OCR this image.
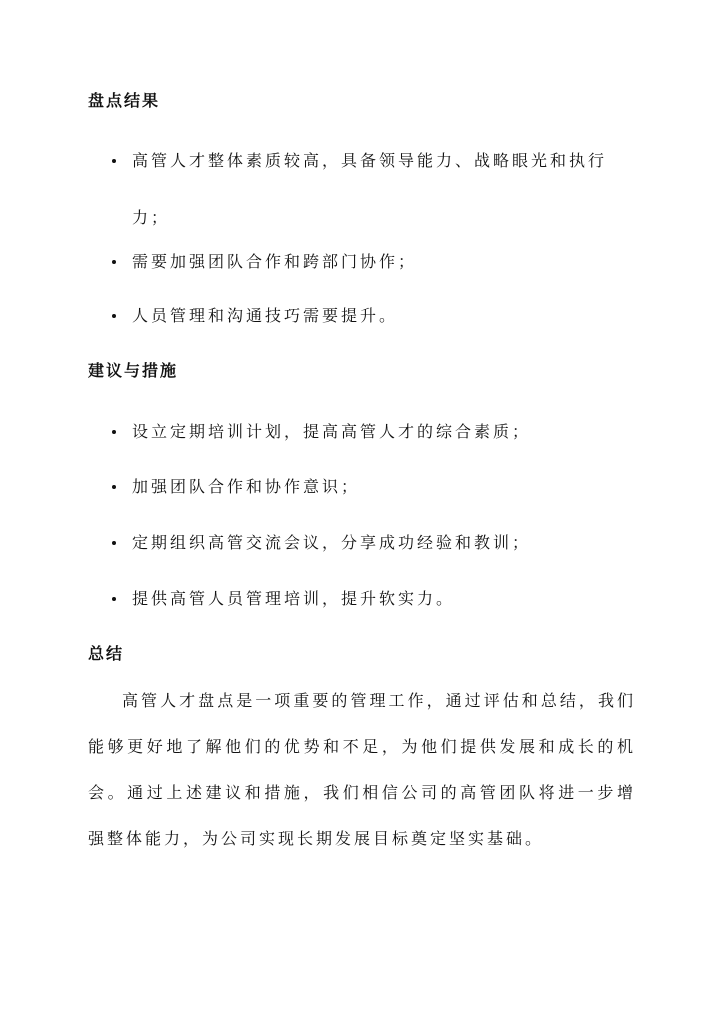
盘点结果
高管人才整体素质较高，具备领导能力、战略眼光和执行力；
需要加强团队合作和跨部门协作；
人员管理和沟通技巧需要提升。
建议与措施
设立定期培训计划，提高高管人才的综合素质；
加强团队合作和协作意识；
定期组织高管交流会议，分享成功经验和教训；
提供高管人员管理培训，提升软实力。
总结

高管人才盘点是一项重要的管理工作，通过评估和总结，我们能够更好地了解他们的优势和不足，为他们提供发展和成长的机会。通过上述建议和措施，我们相信公司的高管团队将进一步增强整体能力，为公司实现长期发展目标奠定坚实基础。
